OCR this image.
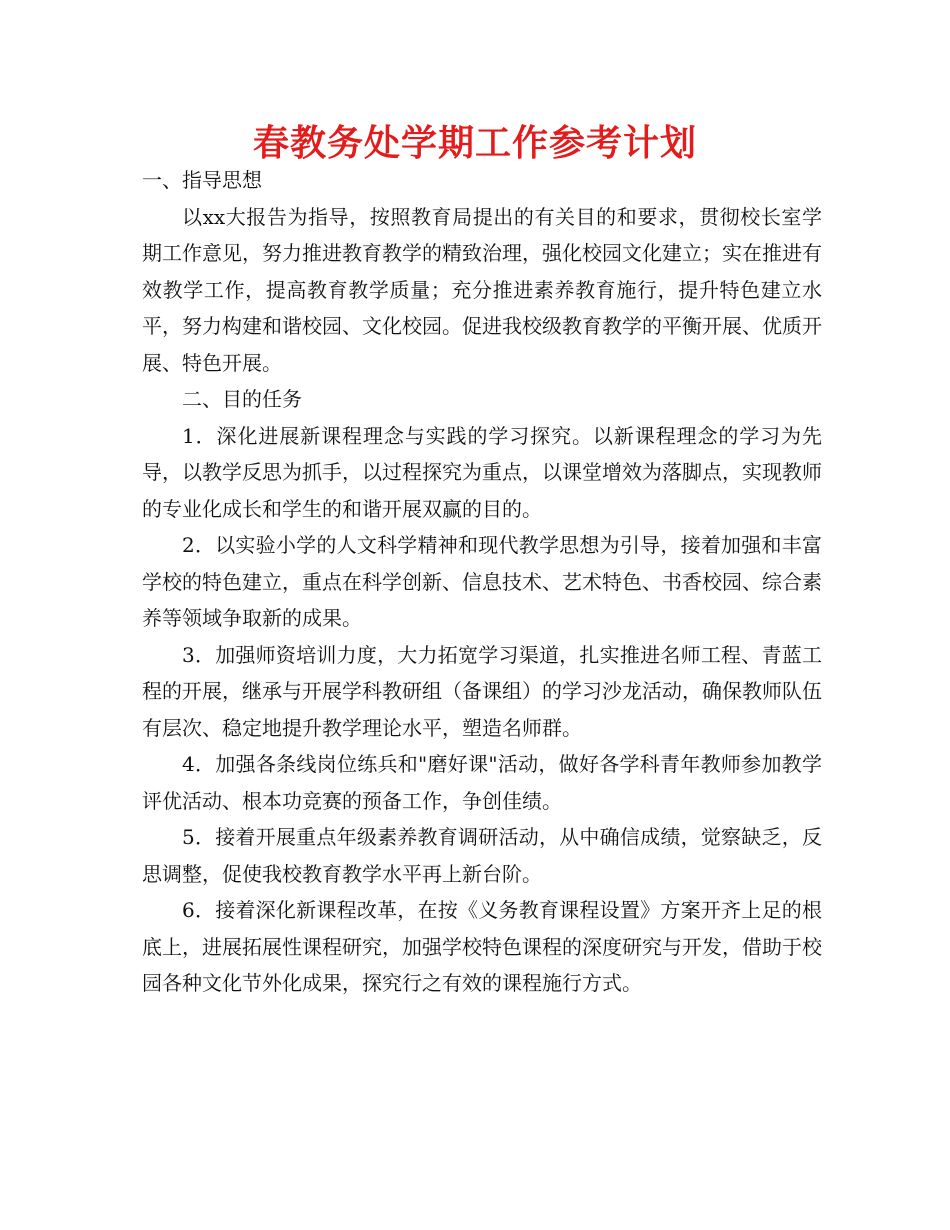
春教务处学期工作参考计划

一、指导思想

以xx大报告为指导，按照教育局提出的有关目的和要求，贯彻校长室学期工作意见，努力推进教育教学的精致治理，强化校园文化建立；实在推进有效教学工作，提高教育教学质量；充分推进素养教育施行，提升特色建立水平，努力构建和谐校园、文化校园。促进我校级教育教学的平衡开展、优质开展、特色开展。

二、目的任务

1．深化进展新课程理念与实践的学习探究。以新课程理念的学习为先导，以教学反思为抓手，以过程探究为重点，以课堂增效为落脚点，实现教师的专业化成长和学生的和谐开展双赢的目的。

2．以实验小学的人文科学精神和现代教学思想为引导，接着加强和丰富学校的特色建立，重点在科学创新、信息技术、艺术特色、书香校园、综合素养等领域争取新的成果。

3．加强师资培训力度，大力拓宽学习渠道，扎实推进名师工程、青蓝工程的开展，继承与开展学科教研组（备课组）的学习沙龙活动，确保教师队伍有层次、稳定地提升教学理论水平，塑造名师群。

4．加强各条线岗位练兵和"磨好课"活动，做好各学科青年教师参加教学评优活动、根本功竞赛的预备工作，争创佳绩。

5．接着开展重点年级素养教育调研活动，从中确信成绩，觉察缺乏，反思调整，促使我校教育教学水平再上新台阶。

6．接着深化新课程改革，在按《义务教育课程设置》方案开齐上足的根底上，进展拓展性课程研究，加强学校特色课程的深度研究与开发，借助于校园各种文化节外化成果，探究行之有效的课程施行方式。
